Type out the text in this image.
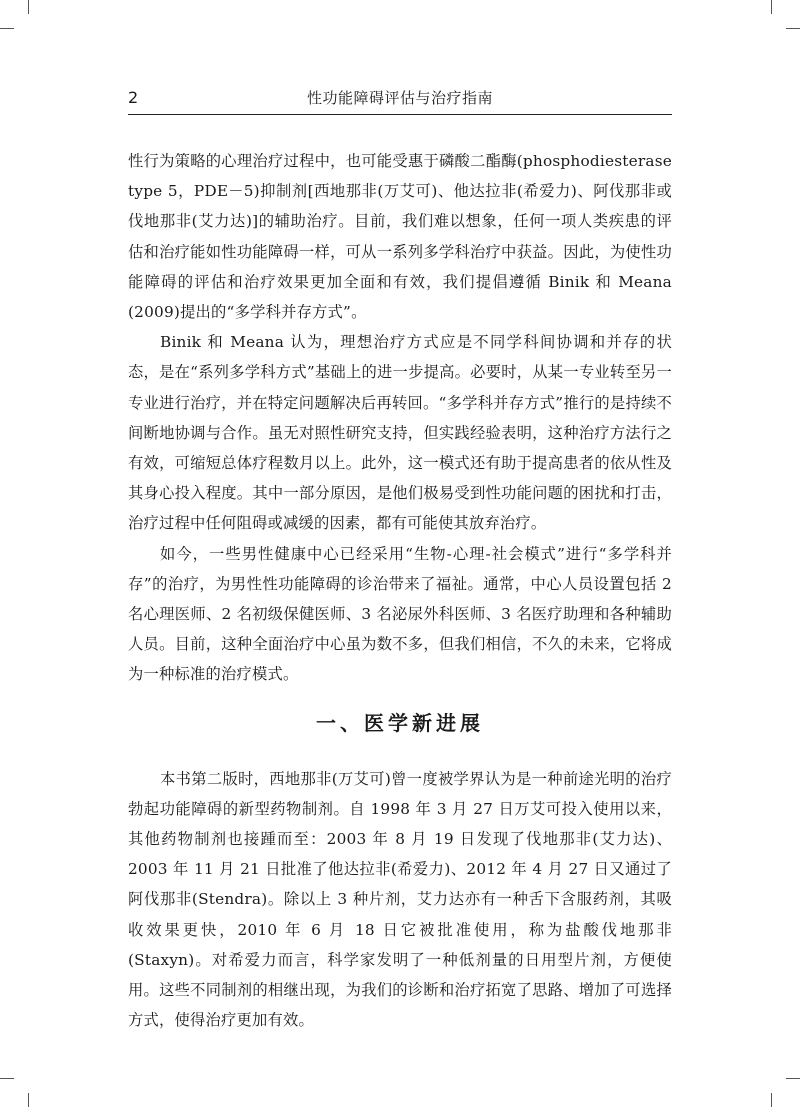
2	性功能障碍评估与治疗指南

性行为策略的心理治疗过程中，也可能受惠于磷酸二酯酶(phosphodiesterase type 5，PDE－5)抑制剂[西地那非(万艾可)、他达拉非(希爱力)、阿伐那非或伐地那非(艾力达)]的辅助治疗。目前，我们难以想象，任何一项人类疾患的评估和治疗能如性功能障碍一样，可从一系列多学科治疗中获益。因此，为使性功能障碍的评估和治疗效果更加全面和有效，我们提倡遵循 Binik 和 Meana (2009)提出的“多学科并存方式”。

Binik 和 Meana 认为，理想治疗方式应是不同学科间协调和并存的状态，是在“系列多学科方式”基础上的进一步提高。必要时，从某一专业转至另一专业进行治疗，并在特定问题解决后再转回。“多学科并存方式”推行的是持续不间断地协调与合作。虽无对照性研究支持，但实践经验表明，这种治疗方法行之有效，可缩短总体疗程数月以上。此外，这一模式还有助于提高患者的依从性及其身心投入程度。其中一部分原因，是他们极易受到性功能问题的困扰和打击，治疗过程中任何阻碍或减缓的因素，都有可能使其放弃治疗。

如今，一些男性健康中心已经采用“生物-心理-社会模式”进行“多学科并存”的治疗，为男性性功能障碍的诊治带来了福祉。通常，中心人员设置包括 2 名心理医师、2 名初级保健医师、3 名泌尿外科医师、3 名医疗助理和各种辅助人员。目前，这种全面治疗中心虽为数不多，但我们相信，不久的未来，它将成为一种标准的治疗模式。

一、医学新进展

本书第二版时，西地那非(万艾可)曾一度被学界认为是一种前途光明的治疗勃起功能障碍的新型药物制剂。自 1998 年 3 月 27 日万艾可投入使用以来，其他药物制剂也接踵而至：2003 年 8 月 19 日发现了伐地那非(艾力达)、2003 年 11 月 21 日批准了他达拉非(希爱力)、2012 年 4 月 27 日又通过了阿伐那非(Stendra)。除以上 3 种片剂，艾力达亦有一种舌下含服药剂，其吸收效果更快，2010 年 6 月 18 日它被批准使用，称为盐酸伐地那非(Staxyn)。对希爱力而言，科学家发明了一种低剂量的日用型片剂，方便使用。这些不同制剂的相继出现，为我们的诊断和治疗拓宽了思路、增加了可选择方式，使得治疗更加有效。
